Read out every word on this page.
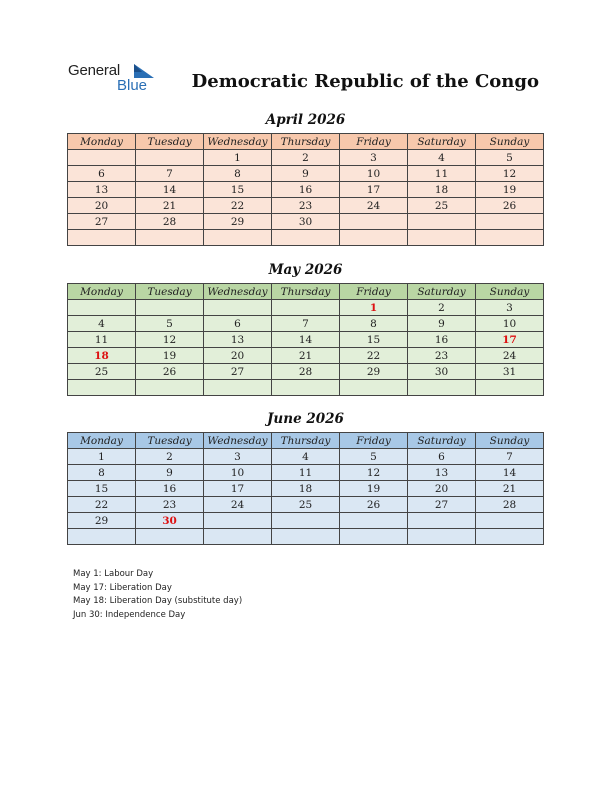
General
Blue Democratic Republic of the Congo
April 2026
Monday	Tuesday	Wednesday	Thursday	Friday	Saturday	Sunday
		1	2	3	4	5
6	7	8	9	10	11	12
13	14	15	16	17	18	19
20	21	22	23	24	25	26
27	28	29	30			

May 2026
Monday	Tuesday	Wednesday	Thursday	Friday	Saturday	Sunday
				1	2	3
4	5	6	7	8	9	10
11	12	13	14	15	16	17
18	19	20	21	22	23	24
25	26	27	28	29	30	31

June 2026
Monday	Tuesday	Wednesday	Thursday	Friday	Saturday	Sunday
1	2	3	4	5	6	7
8	9	10	11	12	13	14
15	16	17	18	19	20	21
22	23	24	25	26	27	28
29	30					

May 1: Labour Day
May 17: Liberation Day
May 18: Liberation Day (substitute day)
Jun 30: Independence Day
